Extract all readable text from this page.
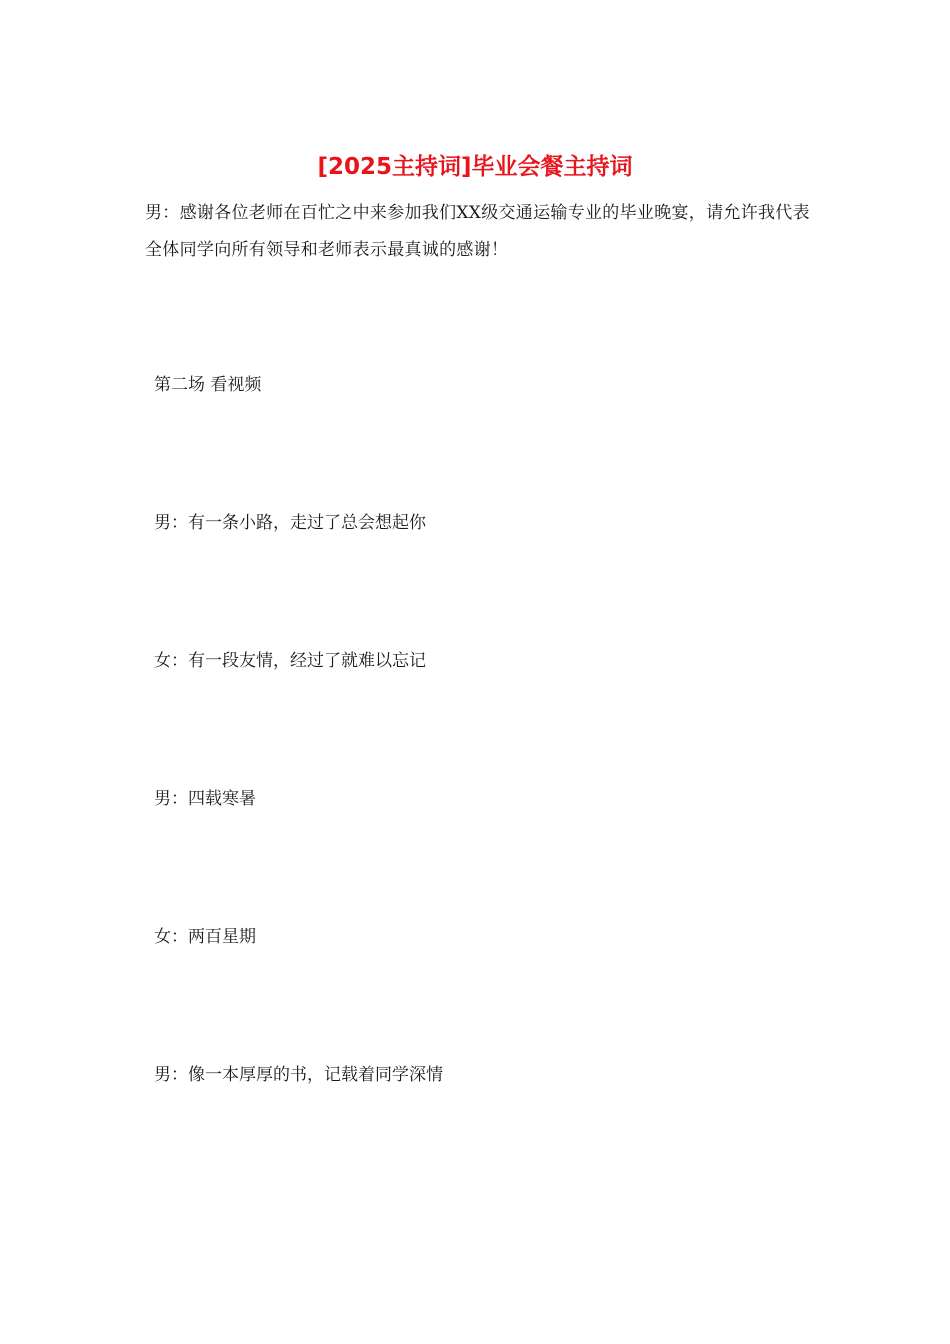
[2025主持词]毕业会餐主持词

男：感谢各位老师在百忙之中来参加我们XX级交通运输专业的毕业晚宴，请允许我代表全体同学向所有领导和老师表示最真诚的感谢！

第二场 看视频

男：有一条小路，走过了总会想起你

女：有一段友情，经过了就难以忘记

男：四载寒暑

女：两百星期

男：像一本厚厚的书，记载着同学深情
